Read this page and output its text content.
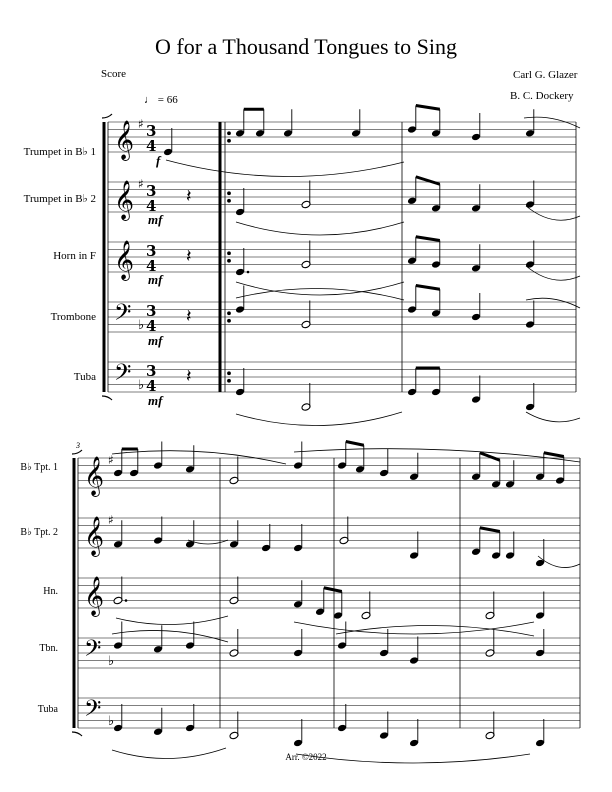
O for a Thousand Tongues to Sing
Score	Carl G. Glazer
B. C. Dockery
♩ = 66
Trumpet in B♭ 1
Trumpet in B♭ 2
Horn in F
Trombone
Tuba
f
mf
mf
mf
mf
3
B♭ Tpt. 1
B♭ Tpt. 2
Hn.
Tbn.
Tuba
Arr. ©2022
𝄞 ♯ 3
4
𝄞 ♯ 3
4
𝄞 3
4
𝄢 ♭
3
4
𝄢 ♭
3
4
𝄞 ♯
𝄞 ♯
𝄞
𝄢 ♭
𝄢 ♭
𝄽
𝄽
𝄽
𝄽
